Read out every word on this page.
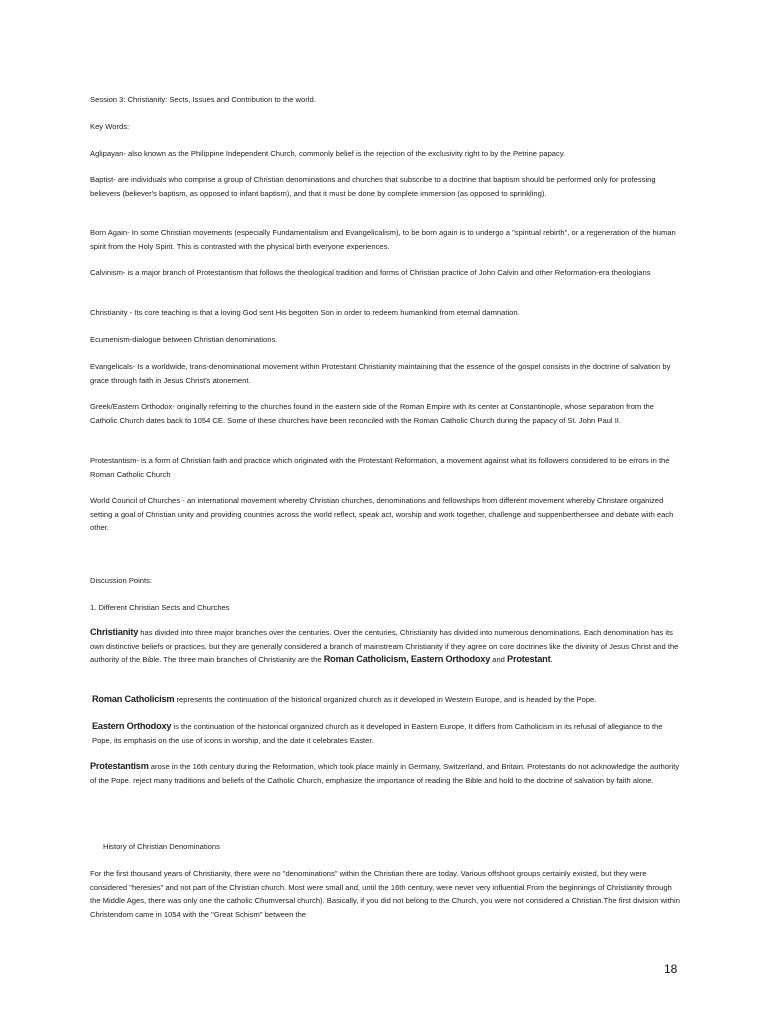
Session 3: Christianity: Sects, Issues and Contribution to the world.

Key Words:

Aglipayan- also known as the Philippine Independent Church, commonly belief is the rejection of the exclusivity right to by the Petrine papacy.

Baptist- are individuals who comprise a group of Christian denominations and churches that subscribe to a doctrine that baptism should be performed only for professing believers (believer's baptism, as opposed to infant baptism), and that it must be done by complete immersion (as opposed to sprinkling).

Born Again- In some Christian movements (especially Fundamentalism and Evangelicalism), to be born again is to undergo a "spiritual rebirth", or a regeneration of the human spirit from the Holy Spirit. This is contrasted with the physical birth everyone experiences.

Calvinism- is a major branch of Protestantism that follows the theological tradition and forms of Christian practice of John Calvin and other Reformation-era theologians

Christianity - Its core teaching is that a loving God sent His begotten Son in order to redeem humankind from eternal damnation.

Ecumenism-dialogue between Christian denominations.

Evangelicals- Is a worldwide, trans-denominational movement within Protestant Christianity maintaining that the essence of the gospel consists in the doctrine of salvation by grace through faith in Jesus Christ's atonement.

Greek/Eastern Orthodox- originally referring to the churches found in the eastern side of the Roman Empire with its center at Constantinople, whose separation from the Catholic Church dates back to 1054 CE. Some of these churches have been reconciled with the Roman Catholic Church during the papacy of St. John Paul II.

Protestantism- is a form of Christian faith and practice which originated with the Protestant Reformation, a movement against what its followers considered to be errors in the Roman Catholic Church

World Council of Churches - an international movement whereby Christian churches, denominations and fellowships from different movement whereby Christare organized setting a goal of Christian unity and providing countries across the world reflect, speak act, worship and work together, challenge and suppenberthersee and debate with each other.

Discussion Points:

1. Different Christian Sects and Churches

Christianity has divided into three major branches over the centuries. Over the centuries, Christianity has divided into numerous denominations. Each denomination has its own distinctive beliefs or practices, but they are generally considered a branch of mainstream Christianity if they agree on core doctrines like the divinity of Jesus Christ and the authority of the Bible. The three main branches of Christianity are the Roman Catholicism, Eastern Orthodoxy and Protestant.

Roman Catholicism represents the continuation of the historical organized church as it developed in Western Europe, and is headed by the Pope.

Eastern Orthodoxy is the continuation of the historical organized church as it developed in Eastern Europe, It differs from Catholicism in its refusal of allegiance to the Pope, its emphasis on the use of icons in worship, and the date it celebrates Easter.

Protestantism arose in the 16th century during the Reformation, which took place mainly in Germany, Switzerland, and Britain. Protestants do not acknowledge the authority of the Pope. reject many traditions and beliefs of the Catholic Church, emphasize the importance of reading the Bible and hold to the doctrine of salvation by faith alone.

History of Christian Denominations

For the first thousand years of Christianity, there were no "denominations" within the Christian there are today. Various offshoot groups certainly existed, but they were considered "heresies" and not part of the Christian church. Most were small and, until the 16th century, were never very influential From the beginnings of Christianity through the Middle Ages, there was only one the catholic Chumversal church). Basically, if you did not belong to the Church, you were not considered a Christian.The first division within Christendom came in 1054 with the "Great Schism" between the

18
